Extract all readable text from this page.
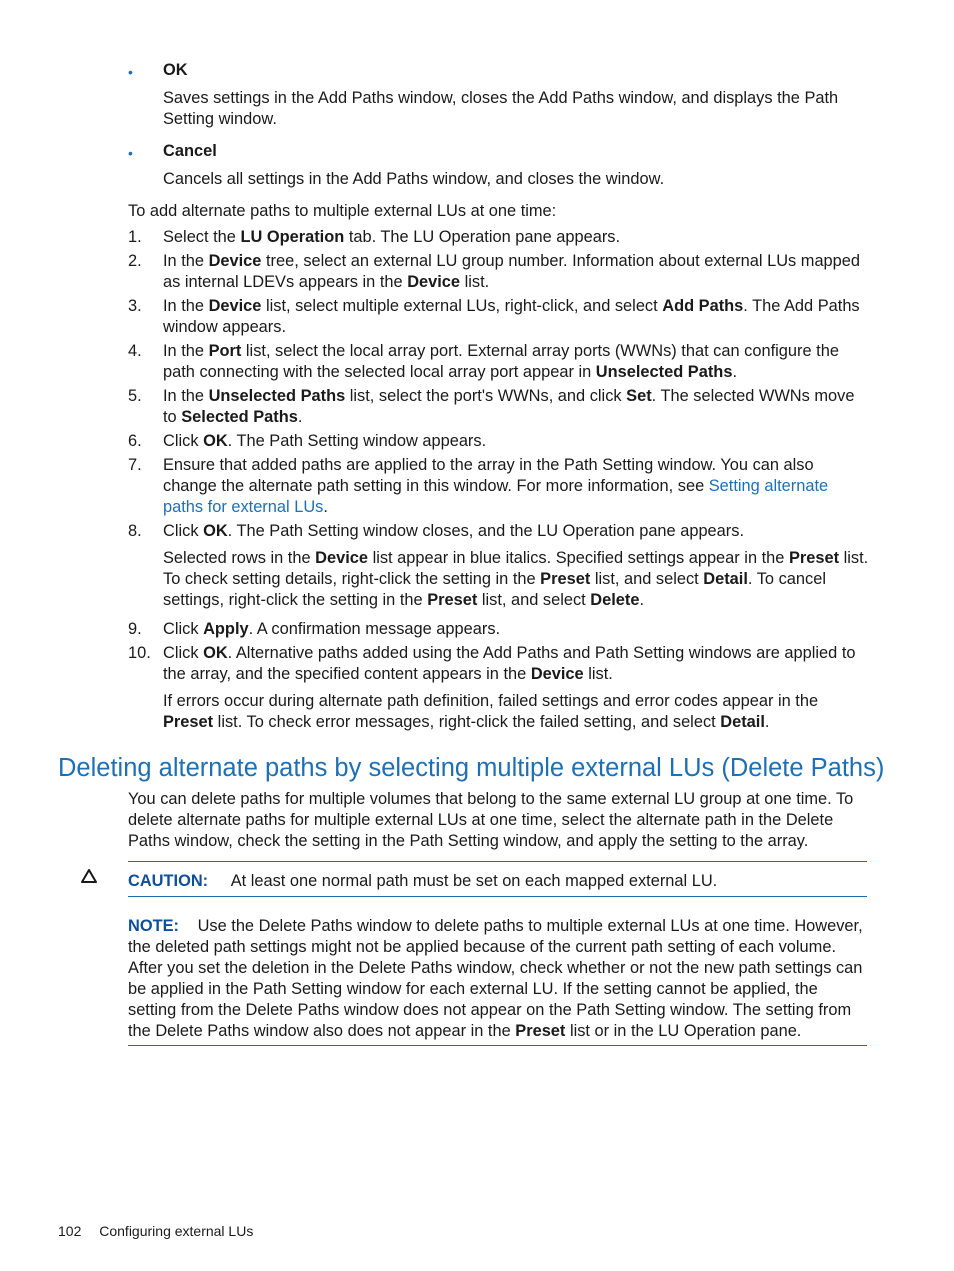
• OK
Saves settings in the Add Paths window, closes the Add Paths window, and displays the Path Setting window.
• Cancel
Cancels all settings in the Add Paths window, and closes the window.
To add alternate paths to multiple external LUs at one time:
1. Select the LU Operation tab. The LU Operation pane appears.
2. In the Device tree, select an external LU group number. Information about external LUs mapped as internal LDEVs appears in the Device list.
3. In the Device list, select multiple external LUs, right-click, and select Add Paths. The Add Paths window appears.
4. In the Port list, select the local array port. External array ports (WWNs) that can configure the path connecting with the selected local array port appear in Unselected Paths.
5. In the Unselected Paths list, select the port's WWNs, and click Set. The selected WWNs move to Selected Paths.
6. Click OK. The Path Setting window appears.
7. Ensure that added paths are applied to the array in the Path Setting window. You can also change the alternate path setting in this window. For more information, see Setting alternate paths for external LUs.
8. Click OK. The Path Setting window closes, and the LU Operation pane appears.
Selected rows in the Device list appear in blue italics. Specified settings appear in the Preset list. To check setting details, right-click the setting in the Preset list, and select Detail. To cancel settings, right-click the setting in the Preset list, and select Delete.
9. Click Apply. A confirmation message appears.
10. Click OK. Alternative paths added using the Add Paths and Path Setting windows are applied to the array, and the specified content appears in the Device list.
If errors occur during alternate path definition, failed settings and error codes appear in the Preset list. To check error messages, right-click the failed setting, and select Detail.
Deleting alternate paths by selecting multiple external LUs (Delete Paths)
You can delete paths for multiple volumes that belong to the same external LU group at one time. To delete alternate paths for multiple external LUs at one time, select the alternate path in the Delete Paths window, check the setting in the Path Setting window, and apply the setting to the array.
CAUTION: At least one normal path must be set on each mapped external LU.
NOTE: Use the Delete Paths window to delete paths to multiple external LUs at one time. However, the deleted path settings might not be applied because of the current path setting of each volume. After you set the deletion in the Delete Paths window, check whether or not the new path settings can be applied in the Path Setting window for each external LU. If the setting cannot be applied, the setting from the Delete Paths window does not appear on the Path Setting window. The setting from the Delete Paths window also does not appear in the Preset list or in the LU Operation pane.
102 Configuring external LUs
